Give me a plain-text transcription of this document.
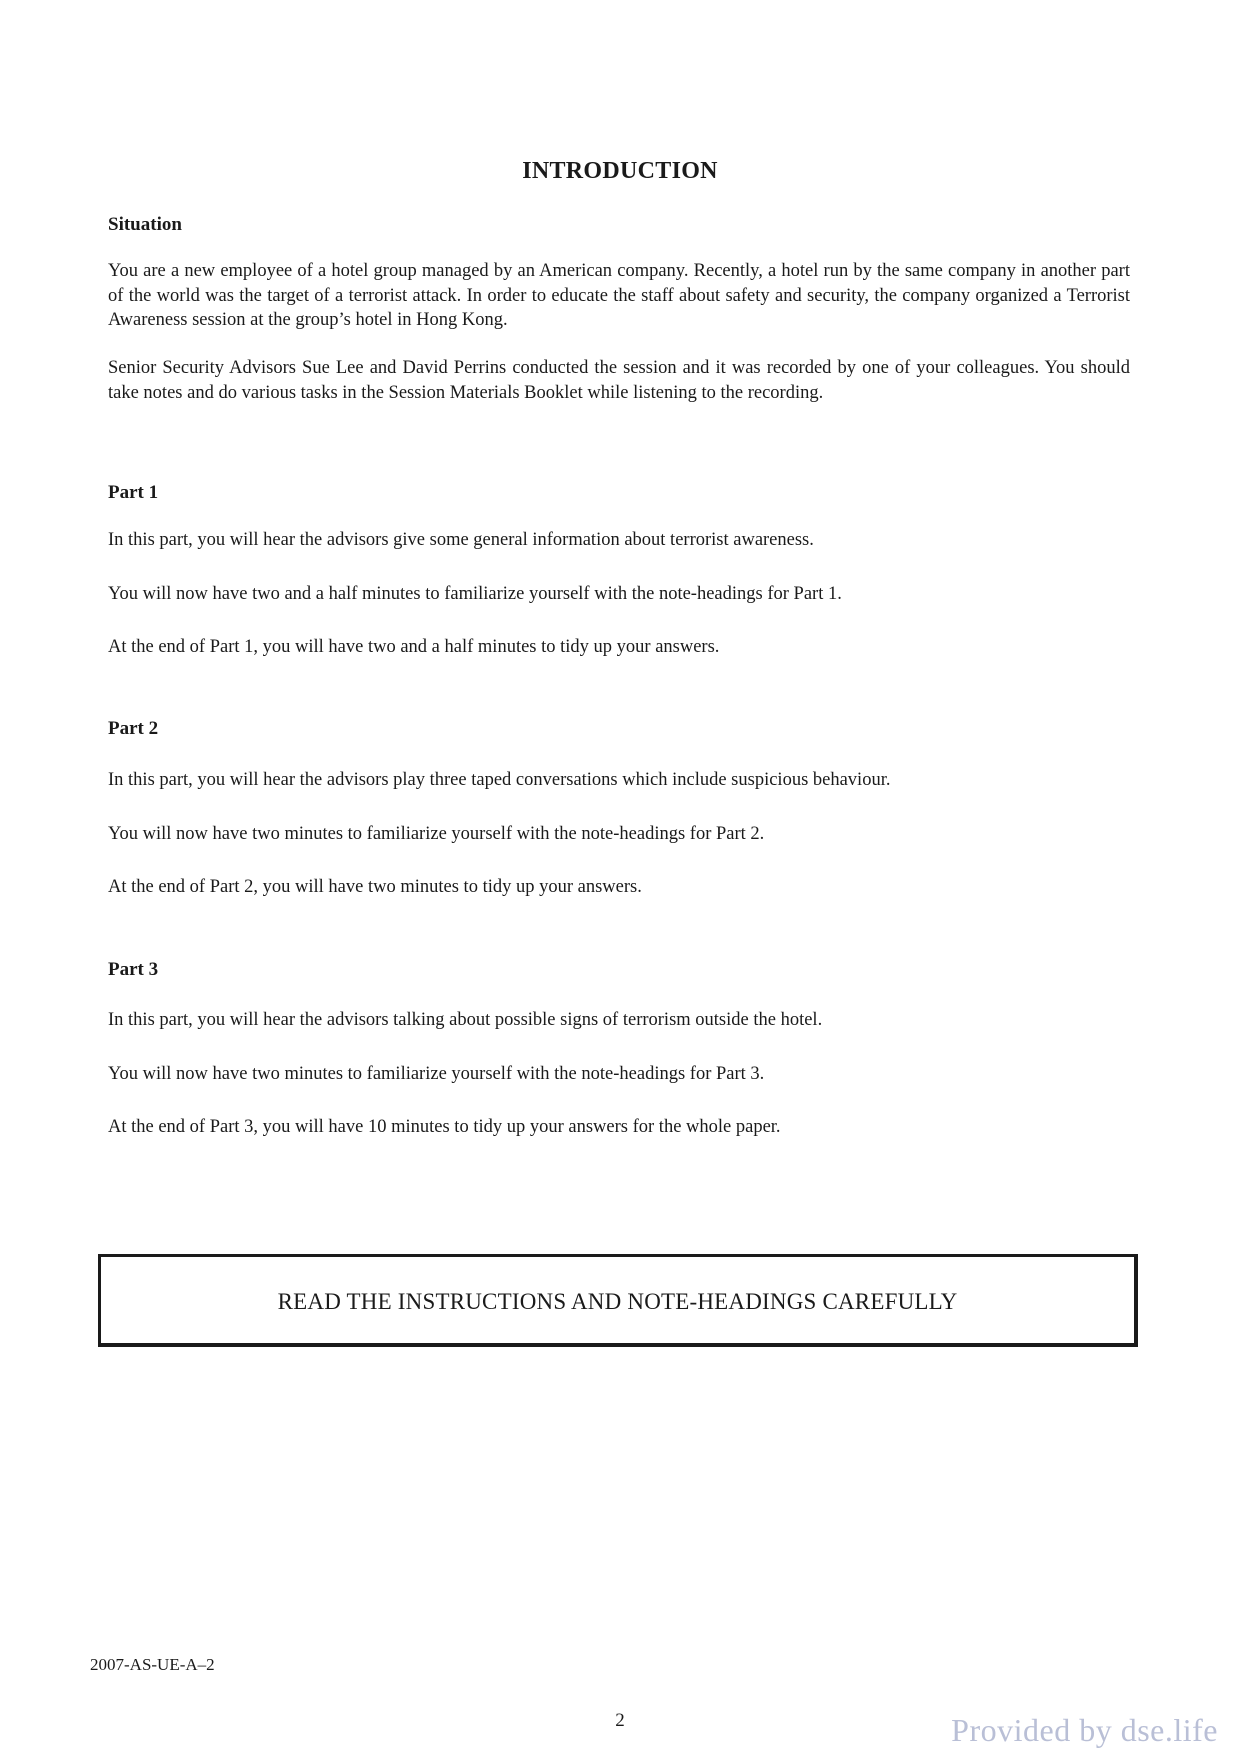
INTRODUCTION
Situation
You are a new employee of a hotel group managed by an American company. Recently, a hotel run by the same company in another part of the world was the target of a terrorist attack. In order to educate the staff about safety and security, the company organized a Terrorist Awareness session at the group’s hotel in Hong Kong.
Senior Security Advisors Sue Lee and David Perrins conducted the session and it was recorded by one of your colleagues. You should take notes and do various tasks in the Session Materials Booklet while listening to the recording.
Part 1
In this part, you will hear the advisors give some general information about terrorist awareness.
You will now have two and a half minutes to familiarize yourself with the note-headings for Part 1.
At the end of Part 1, you will have two and a half minutes to tidy up your answers.
Part 2
In this part, you will hear the advisors play three taped conversations which include suspicious behaviour.
You will now have two minutes to familiarize yourself with the note-headings for Part 2.
At the end of Part 2, you will have two minutes to tidy up your answers.
Part 3
In this part, you will hear the advisors talking about possible signs of terrorism outside the hotel.
You will now have two minutes to familiarize yourself with the note-headings for Part 3.
At the end of Part 3, you will have 10 minutes to tidy up your answers for the whole paper.
READ THE INSTRUCTIONS AND NOTE-HEADINGS CAREFULLY
2007-AS-UE-A–2
2	Provided by dse.life
